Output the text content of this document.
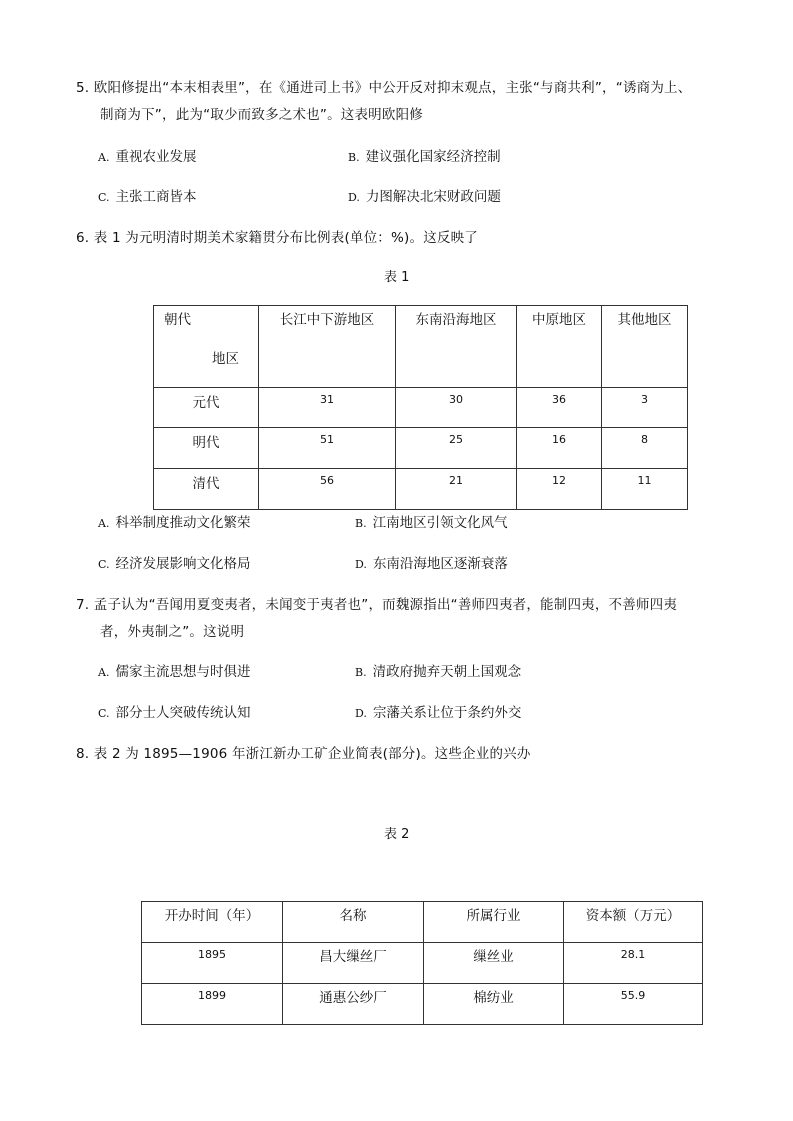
5. 欧阳修提出“本末相表里”，在《通进司上书》中公开反对抑末观点，主张“与商共利”，“诱商为上、
制商为下”，此为“取少而致多之术也”。这表明欧阳修
A. 重视农业发展	B. 建议强化国家经济控制
C. 主张工商皆本	D. 力图解决北宋财政问题
6. 表 1 为元明清时期美术家籍贯分布比例表(单位：%)。这反映了
表 1
朝代
地区	长江中下游地区	东南沿海地区	中原地区	其他地区
元代	31	30	36	3
明代	51	25	16	8
清代	56	21	12	11
A. 科举制度推动文化繁荣	B. 江南地区引领文化风气
C. 经济发展影响文化格局	D. 东南沿海地区逐渐衰落
7. 孟子认为“吾闻用夏变夷者，未闻变于夷者也”，而魏源指出“善师四夷者，能制四夷，不善师四夷
者，外夷制之”。这说明
A. 儒家主流思想与时俱进	B. 清政府抛弃天朝上国观念
C. 部分士人突破传统认知	D. 宗藩关系让位于条约外交
8. 表 2 为 1895—1906 年浙江新办工矿企业简表(部分)。这些企业的兴办
表 2
开办时间（年）	名称	所属行业	资本额（万元）
1895	昌大缫丝厂	缫丝业	28.1
1899	通惠公纱厂	棉纺业	55.9
